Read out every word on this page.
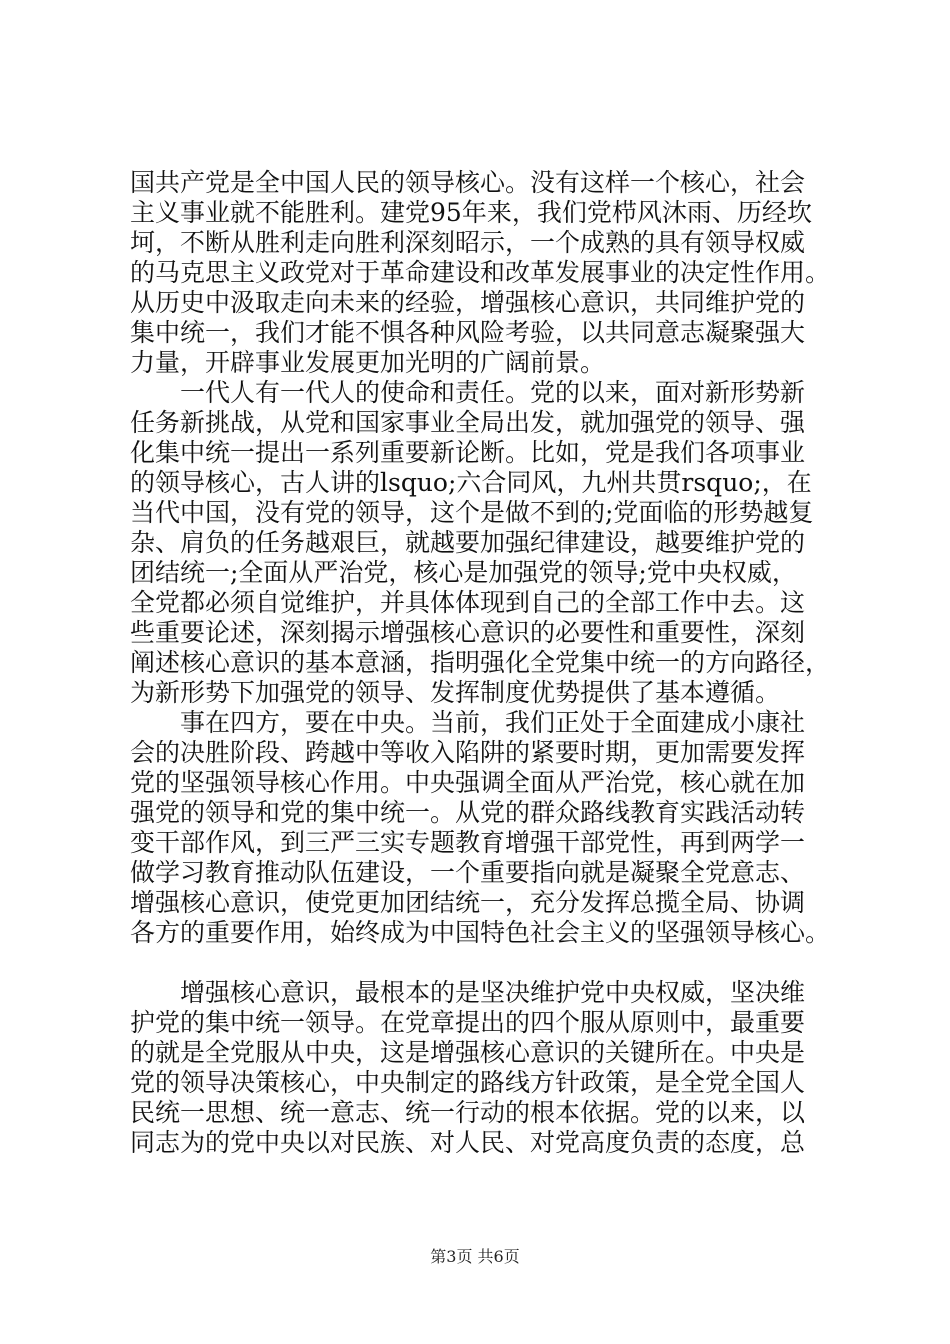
国共产党是全中国人民的领导核心。没有这样一个核心，社会
主义事业就不能胜利。建党95年来，我们党栉风沐雨、历经坎
坷，不断从胜利走向胜利深刻昭示，一个成熟的具有领导权威
的马克思主义政党对于革命建设和改革发展事业的决定性作用。
从历史中汲取走向未来的经验，增强核心意识，共同维护党的
集中统一，我们才能不惧各种风险考验，以共同意志凝聚强大
力量，开辟事业发展更加光明的广阔前景。
　　一代人有一代人的使命和责任。党的以来，面对新形势新
任务新挑战，从党和国家事业全局出发，就加强党的领导、强
化集中统一提出一系列重要新论断。比如，党是我们各项事业
的领导核心，古人讲的lsquo;六合同风，九州共贯rsquo;，在
当代中国，没有党的领导，这个是做不到的;党面临的形势越复
杂、肩负的任务越艰巨，就越要加强纪律建设，越要维护党的
团结统一;全面从严治党，核心是加强党的领导;党中央权威，
全党都必须自觉维护，并具体体现到自己的全部工作中去。这
些重要论述，深刻揭示增强核心意识的必要性和重要性，深刻
阐述核心意识的基本意涵，指明强化全党集中统一的方向路径，
为新形势下加强党的领导、发挥制度优势提供了基本遵循。
　　事在四方，要在中央。当前，我们正处于全面建成小康社
会的决胜阶段、跨越中等收入陷阱的紧要时期，更加需要发挥
党的坚强领导核心作用。中央强调全面从严治党，核心就在加
强党的领导和党的集中统一。从党的群众路线教育实践活动转
变干部作风，到三严三实专题教育增强干部党性，再到两学一
做学习教育推动队伍建设，一个重要指向就是凝聚全党意志、
增强核心意识，使党更加团结统一，充分发挥总揽全局、协调
各方的重要作用，始终成为中国特色社会主义的坚强领导核心。
　　增强核心意识，最根本的是坚决维护党中央权威，坚决维
护党的集中统一领导。在党章提出的四个服从原则中，最重要
的就是全党服从中央，这是增强核心意识的关键所在。中央是
党的领导决策核心，中央制定的路线方针政策，是全党全国人
民统一思想、统一意志、统一行动的根本依据。党的以来，以
同志为的党中央以对民族、对人民、对党高度负责的态度，总
第3页 共6页
